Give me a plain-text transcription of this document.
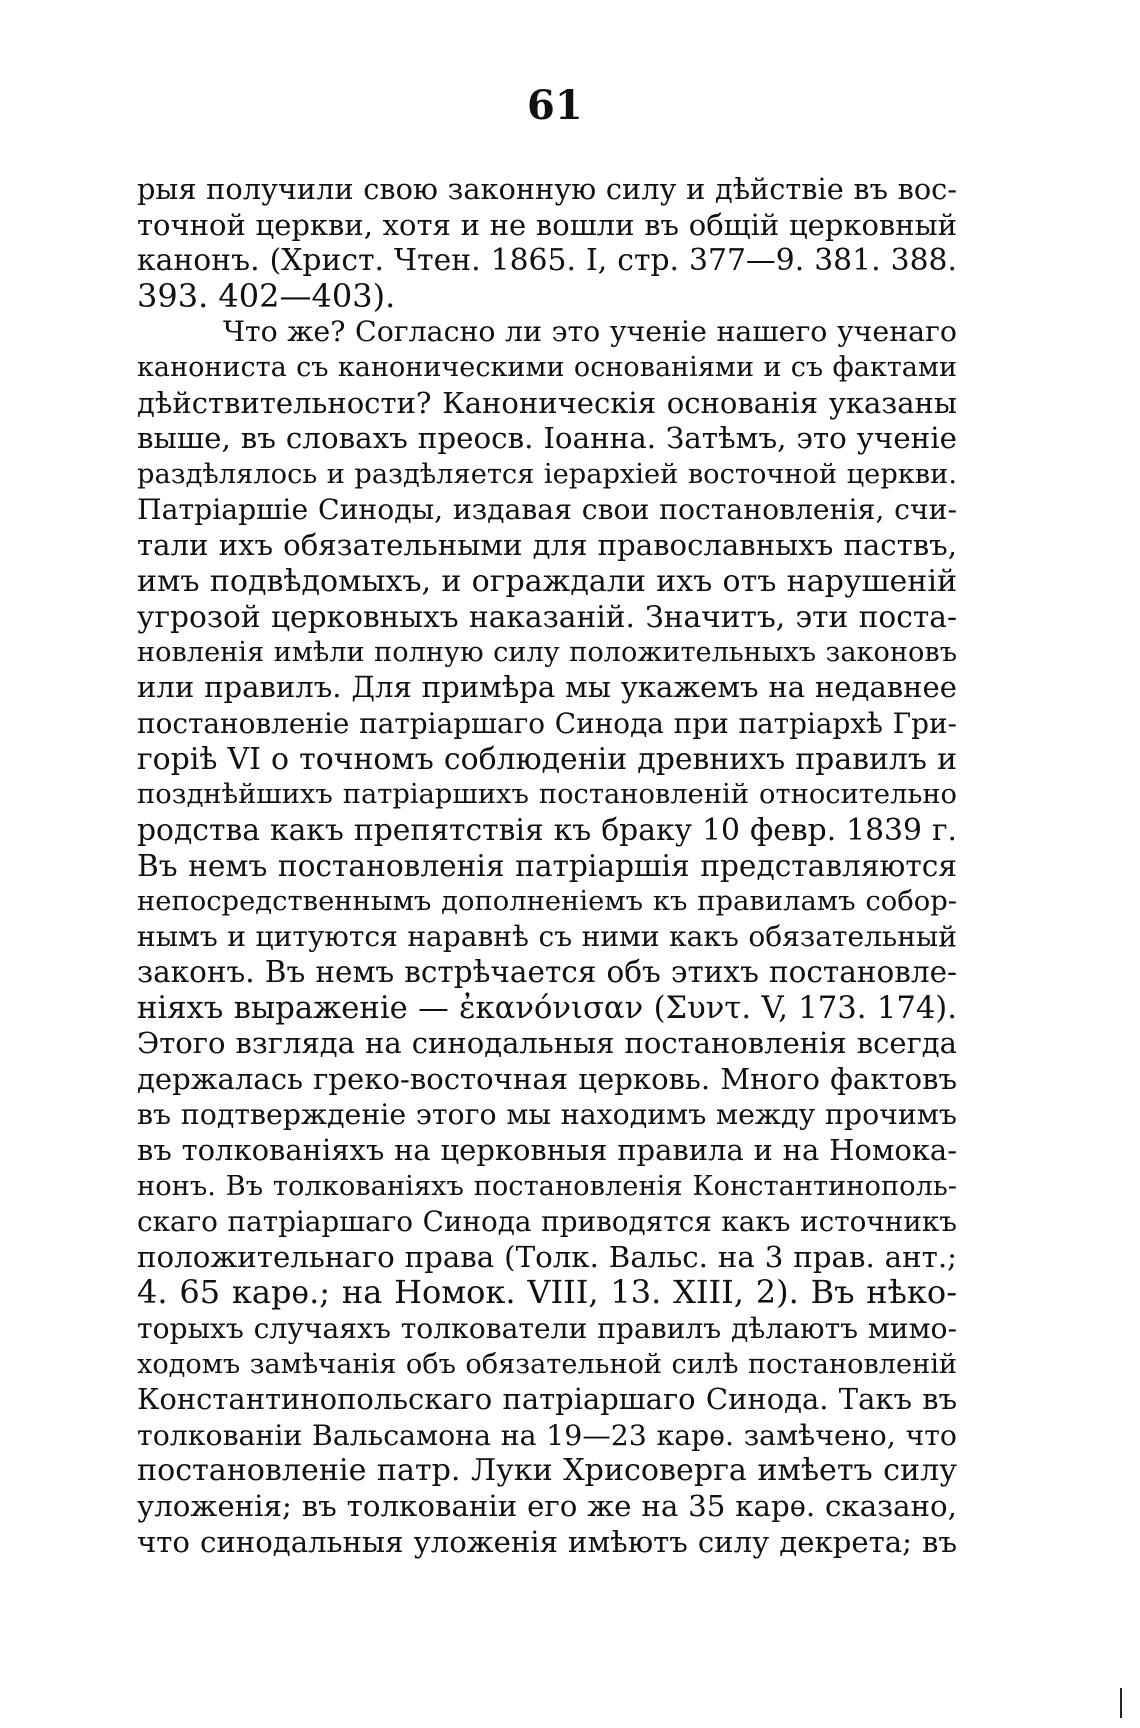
61
рыя получили свою законную силу и дѣйствіе въ вос-
точной церкви, хотя и не вошли въ общій церковный
канонъ. (Христ. Чтен. 1865. I, стр. 377—9. 381. 388.
393. 402—403).
Что же? Согласно ли это ученіе нашего ученаго
канониста съ каноническими основаніями и съ фактами
дѣйствительности? Каноническія основанія указаны
выше, въ словахъ преосв. Іоанна. Затѣмъ, это ученіе
раздѣлялось и раздѣляется іерархіей восточной церкви.
Патріаршіе Синоды, издавая свои постановленія, счи-
тали ихъ обязательными для православныхъ паствъ,
имъ подвѣдомыхъ, и ограждали ихъ отъ нарушеній
угрозой церковныхъ наказаній. Значитъ, эти поста-
новленія имѣли полную силу положительныхъ законовъ
или правилъ. Для примѣра мы укажемъ на недавнее
постановленіе патріаршаго Синода при патріархѣ Гри-
горіѣ VI о точномъ соблюденіи древнихъ правилъ и
позднѣйшихъ патріаршихъ постановленій относительно
родства какъ препятствія къ браку 10 февр. 1839 г.
Въ немъ постановленія патріаршія представляются
непосредственнымъ дополненіемъ къ правиламъ собор-
нымъ и цитуются наравнѣ съ ними какъ обязательный
законъ. Въ немъ встрѣчается объ этихъ постановле-
ніяхъ выраженіе — ἐκανόνισαν (Συντ. V, 173. 174).
Этого взгляда на синодальныя постановленія всегда
держалась греко-восточная церковь. Много фактовъ
въ подтвержденіе этого мы находимъ между прочимъ
въ толкованіяхъ на церковныя правила и на Номока-
нонъ. Въ толкованіяхъ постановленія Константинополь-
скаго патріаршаго Синода приводятся какъ источникъ
положительнаго права (Толк. Вальс. на 3 прав. ант.;
4. 65 карѳ.; на Номок. VIII, 13. XIII, 2). Въ нѣко-
торыхъ случаяхъ толкователи правилъ дѣлаютъ мимо-
ходомъ замѣчанія объ обязательной силѣ постановленій
Константинопольскаго патріаршаго Синода. Такъ въ
толкованіи Вальсамона на 19—23 карѳ. замѣчено, что
постановленіе патр. Луки Хрисоверга имѣетъ силу
уложенія; въ толкованіи его же на 35 карѳ. сказано,
что синодальныя уложенія имѣютъ силу декрета; въ
